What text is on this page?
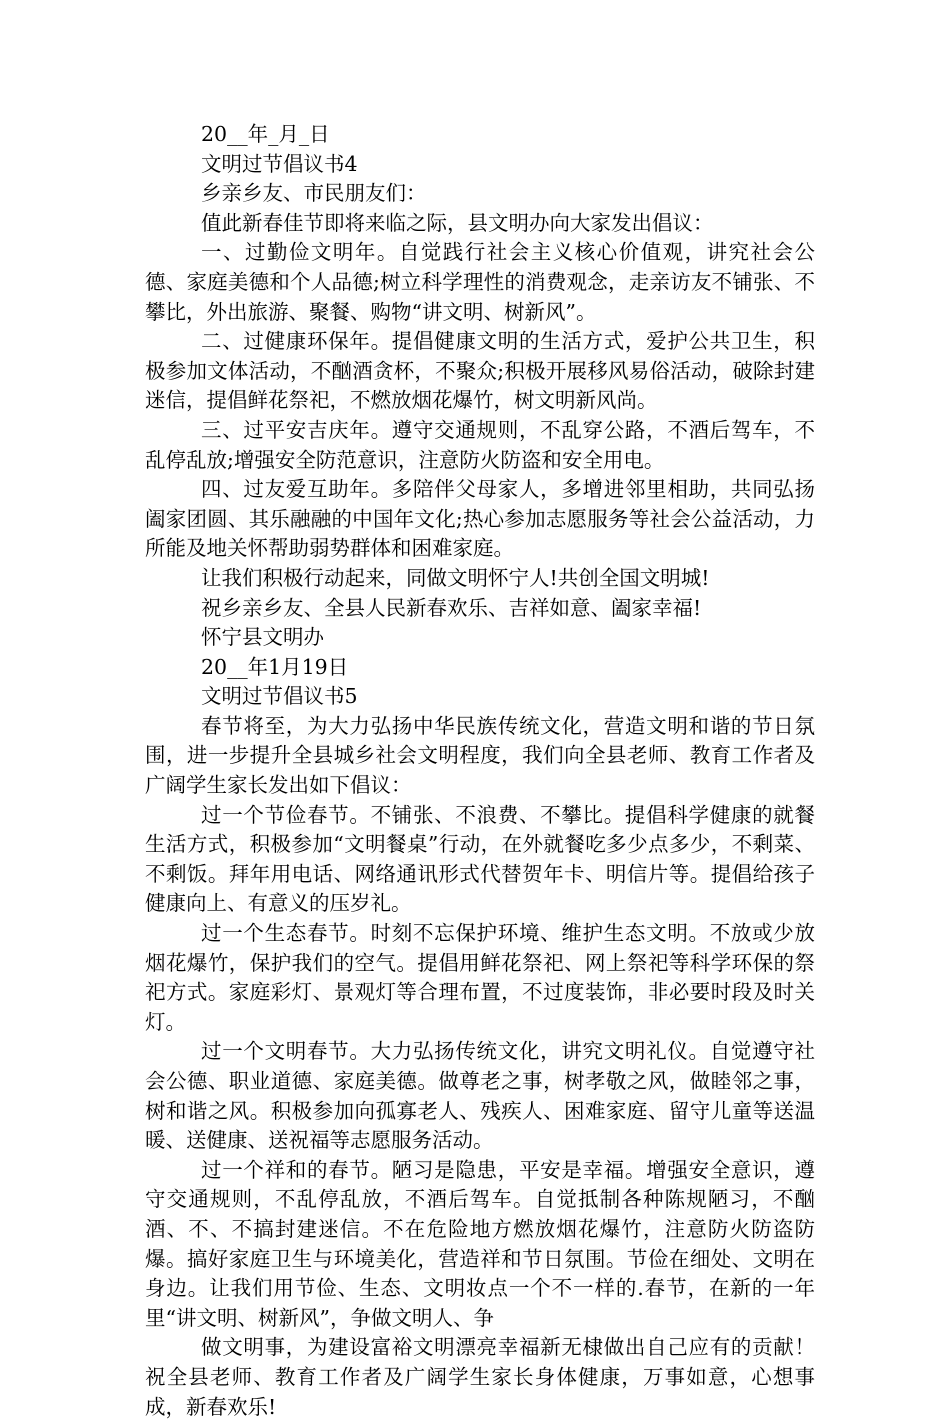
20__年_月_日

文明过节倡议书4

乡亲乡友、市民朋友们：

值此新春佳节即将来临之际，县文明办向大家发出倡议：

一、过勤俭文明年。自觉践行社会主义核心价值观，讲究社会公德、家庭美德和个人品德;树立科学理性的消费观念，走亲访友不铺张、不攀比，外出旅游、聚餐、购物“讲文明、树新风”。

二、过健康环保年。提倡健康文明的生活方式，爱护公共卫生，积极参加文体活动，不酗酒贪杯，不聚众;积极开展移风易俗活动，破除封建迷信，提倡鲜花祭祀，不燃放烟花爆竹，树文明新风尚。

三、过平安吉庆年。遵守交通规则，不乱穿公路，不酒后驾车，不乱停乱放;增强安全防范意识，注意防火防盗和安全用电。

四、过友爱互助年。多陪伴父母家人，多增进邻里相助，共同弘扬阖家团圆、其乐融融的中国年文化;热心参加志愿服务等社会公益活动，力所能及地关怀帮助弱势群体和困难家庭。

让我们积极行动起来，同做文明怀宁人!共创全国文明城!

祝乡亲乡友、全县人民新春欢乐、吉祥如意、阖家幸福!

怀宁县文明办

20__年1月19日

文明过节倡议书5

春节将至，为大力弘扬中华民族传统文化，营造文明和谐的节日氛围，进一步提升全县城乡社会文明程度，我们向全县老师、教育工作者及广阔学生家长发出如下倡议：

过一个节俭春节。不铺张、不浪费、不攀比。提倡科学健康的就餐生活方式，积极参加“文明餐桌”行动，在外就餐吃多少点多少，不剩菜、不剩饭。拜年用电话、网络通讯形式代替贺年卡、明信片等。提倡给孩子健康向上、有意义的压岁礼。

过一个生态春节。时刻不忘保护环境、维护生态文明。不放或少放烟花爆竹，保护我们的空气。提倡用鲜花祭祀、网上祭祀等科学环保的祭祀方式。家庭彩灯、景观灯等合理布置，不过度装饰，非必要时段及时关灯。

过一个文明春节。大力弘扬传统文化，讲究文明礼仪。自觉遵守社会公德、职业道德、家庭美德。做尊老之事，树孝敬之风，做睦邻之事，树和谐之风。积极参加向孤寡老人、残疾人、困难家庭、留守儿童等送温暖、送健康、送祝福等志愿服务活动。

过一个祥和的春节。陋习是隐患，平安是幸福。增强安全意识，遵守交通规则，不乱停乱放，不酒后驾车。自觉抵制各种陈规陋习，不酗酒、不、不搞封建迷信。不在危险地方燃放烟花爆竹，注意防火防盗防爆。搞好家庭卫生与环境美化，营造祥和节日氛围。节俭在细处、文明在身边。让我们用节俭、生态、文明妆点一个不一样的.春节，在新的一年里“讲文明、树新风”，争做文明人、争

做文明事，为建设富裕文明漂亮幸福新无棣做出自己应有的贡献！祝全县老师、教育工作者及广阔学生家长身体健康，万事如意，心想事成，新春欢乐!
